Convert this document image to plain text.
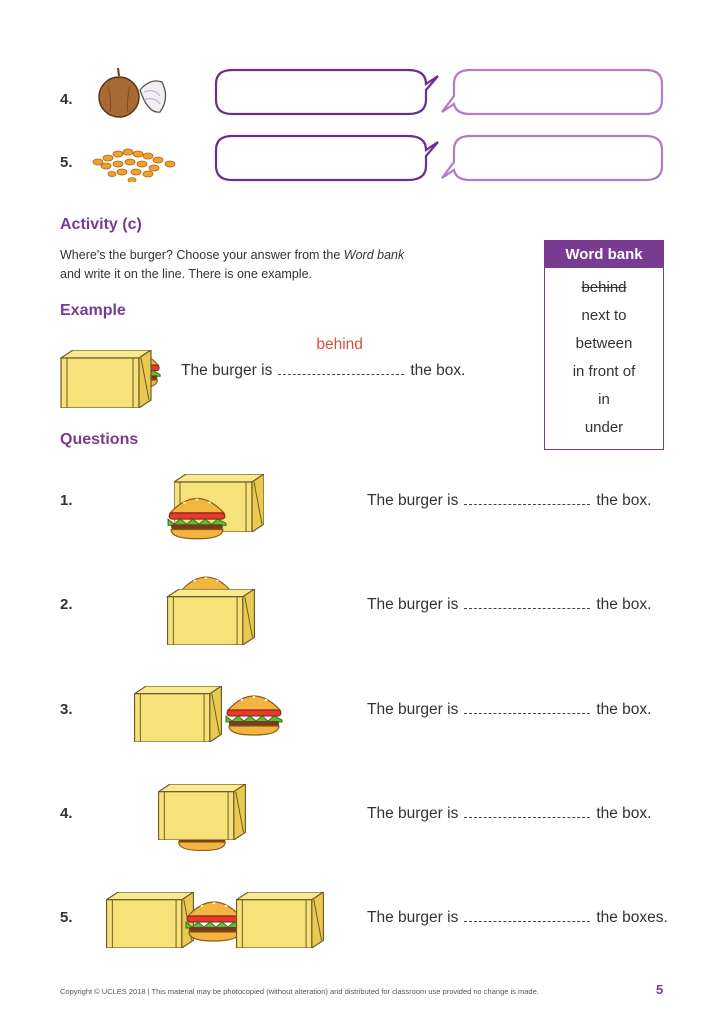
4.
5.
Activity (c)
Where's the burger? Choose your answer from the Word bank
and write it on the line. There is one example.
Word bank
behind
next to
between
in front of
in
under
Example
The burger is
behind
the box.
Questions
1.	The burger is	the box.
2.	The burger is	the box.
3.	The burger is	the box.
4.	The burger is	the box.
5.	The burger is	the boxes.
Copyright © UCLES 2018 | This material may be photocopied (without alteration) and distributed for classroom use provided no change is made.	5
